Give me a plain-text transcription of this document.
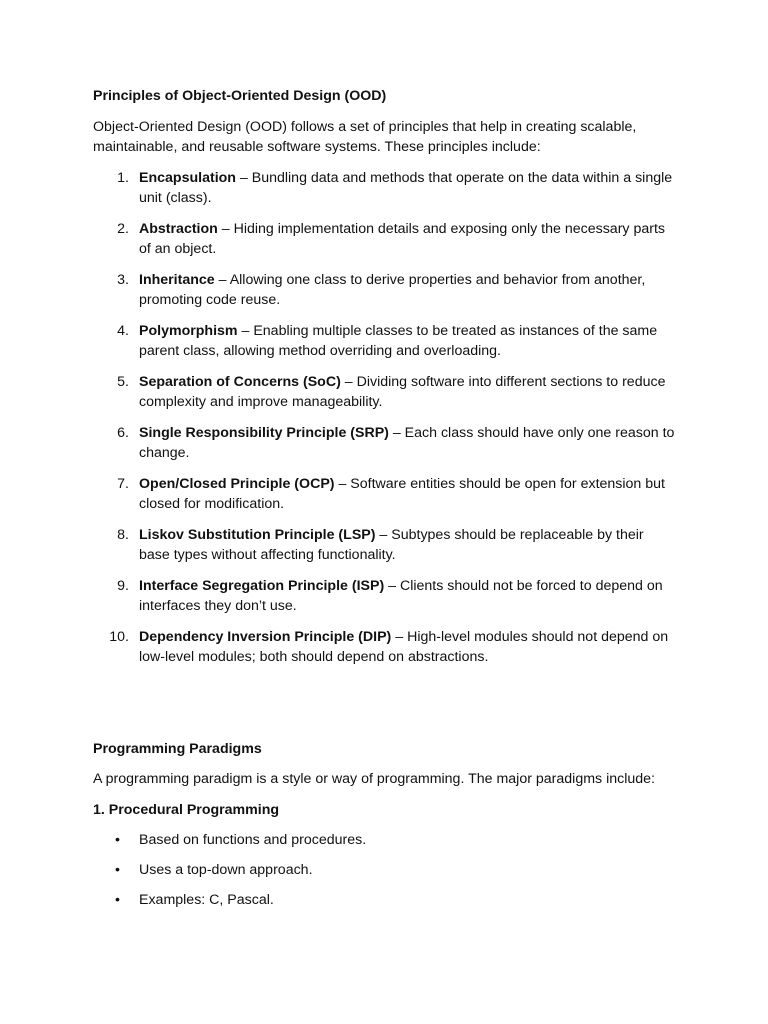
Principles of Object-Oriented Design (OOD)

Object-Oriented Design (OOD) follows a set of principles that help in creating scalable, maintainable, and reusable software systems. These principles include:

1. Encapsulation – Bundling data and methods that operate on the data within a single unit (class).
2. Abstraction – Hiding implementation details and exposing only the necessary parts of an object.
3. Inheritance – Allowing one class to derive properties and behavior from another, promoting code reuse.
4. Polymorphism – Enabling multiple classes to be treated as instances of the same parent class, allowing method overriding and overloading.
5. Separation of Concerns (SoC) – Dividing software into different sections to reduce complexity and improve manageability.
6. Single Responsibility Principle (SRP) – Each class should have only one reason to change.
7. Open/Closed Principle (OCP) – Software entities should be open for extension but closed for modification.
8. Liskov Substitution Principle (LSP) – Subtypes should be replaceable by their base types without affecting functionality.
9. Interface Segregation Principle (ISP) – Clients should not be forced to depend on interfaces they don’t use.
10. Dependency Inversion Principle (DIP) – High-level modules should not depend on low-level modules; both should depend on abstractions.

Programming Paradigms

A programming paradigm is a style or way of programming. The major paradigms include:

1. Procedural Programming

• Based on functions and procedures.
• Uses a top-down approach.
• Examples: C, Pascal.
